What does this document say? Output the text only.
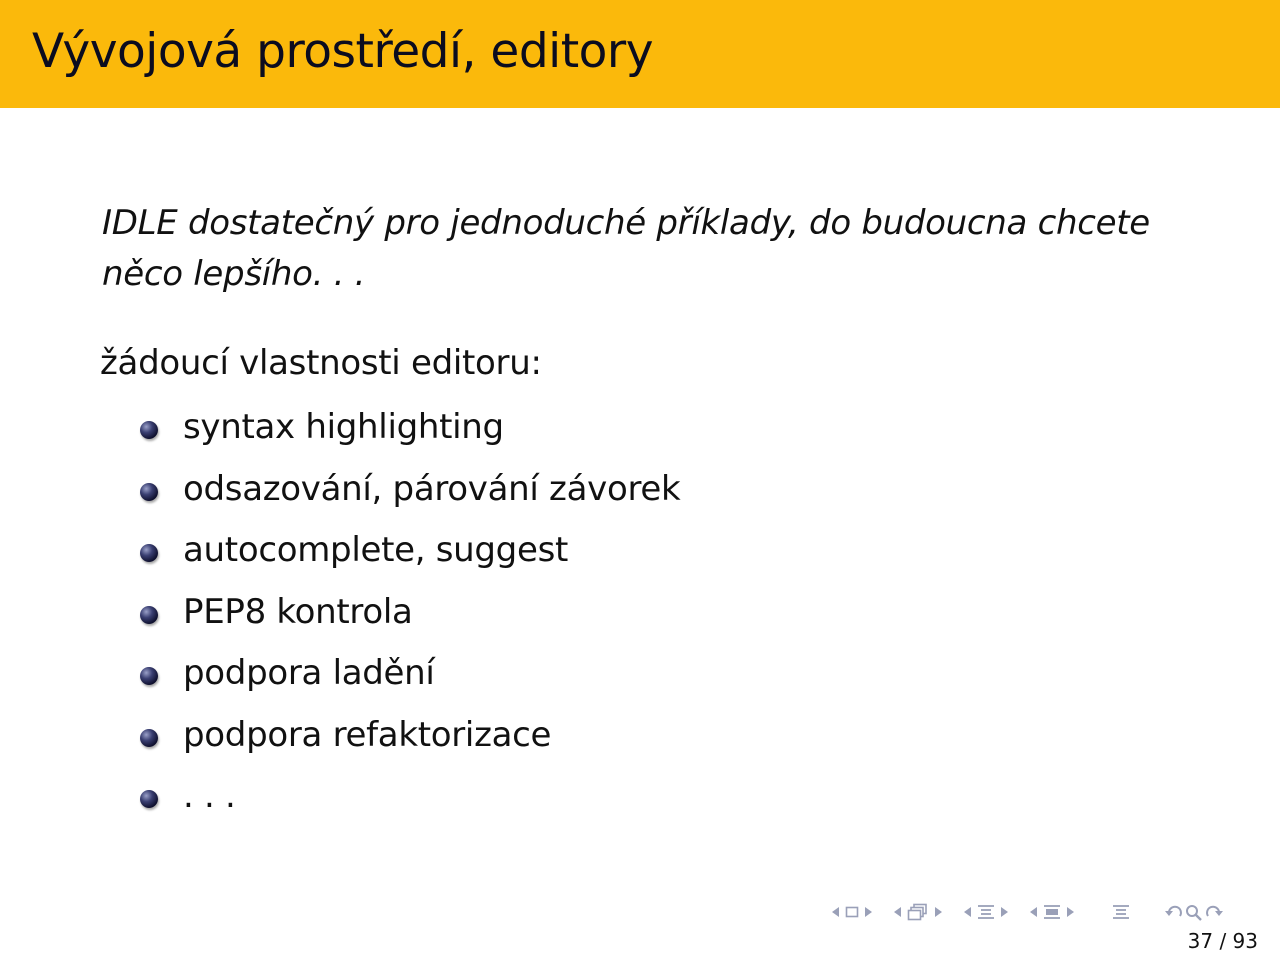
Vývojová prostředí, editory
IDLE dostatečný pro jednoduché příklady, do budoucna chcete
něco lepšího. . .
žádoucí vlastnosti editoru:
syntax highlighting
odsazování, párování závorek
autocomplete, suggest
PEP8 kontrola
podpora ladění
podpora refaktorizace
. . .
37 / 93
